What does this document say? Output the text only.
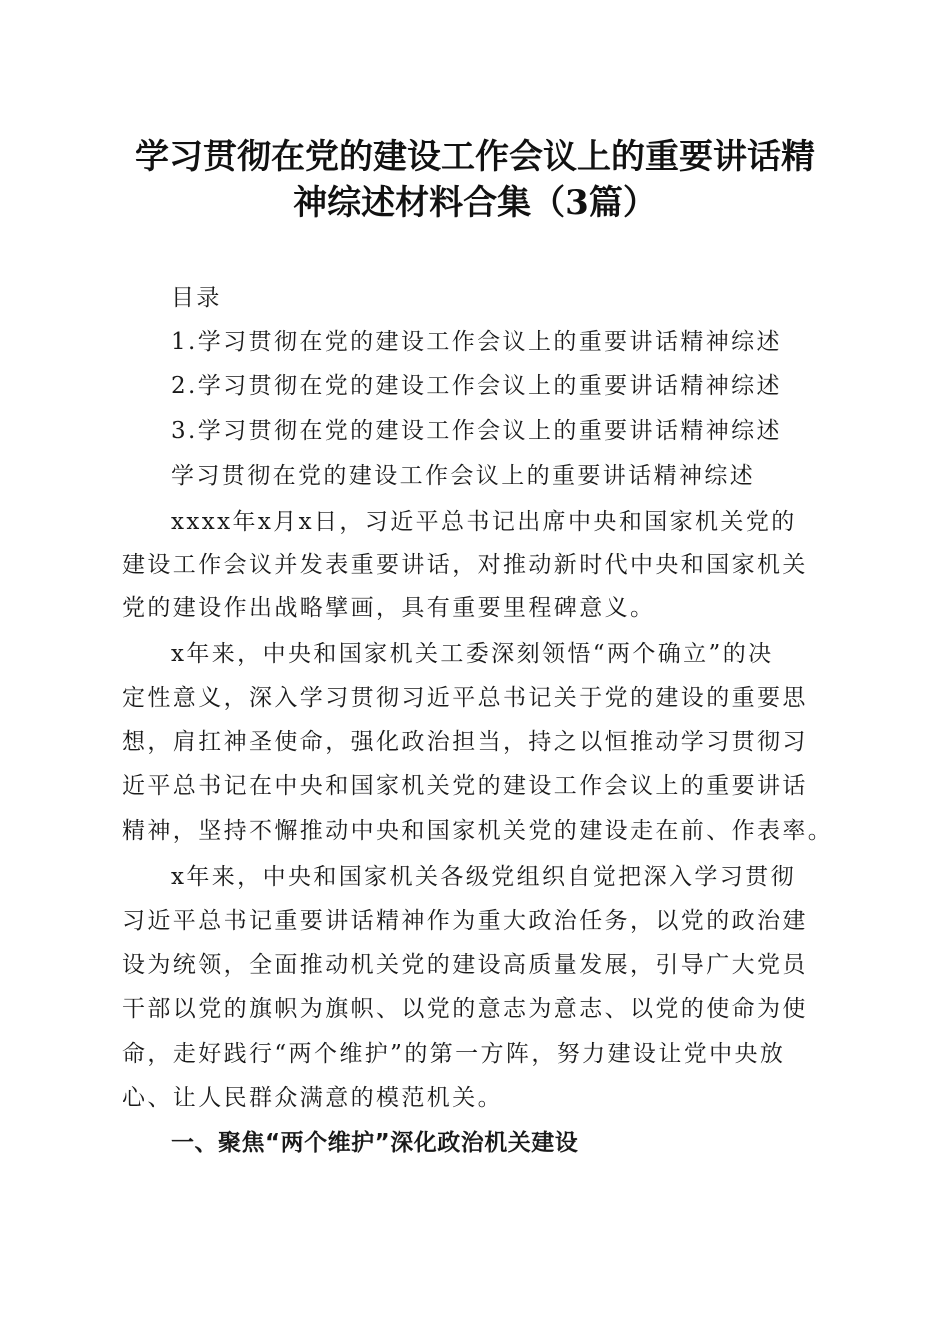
学习贯彻在党的建设工作会议上的重要讲话精
神综述材料合集（3篇）
目录
1.学习贯彻在党的建设工作会议上的重要讲话精神综述
2.学习贯彻在党的建设工作会议上的重要讲话精神综述
3.学习贯彻在党的建设工作会议上的重要讲话精神综述
学习贯彻在党的建设工作会议上的重要讲话精神综述
xxxx年x月x日，习近平总书记出席中央和国家机关党的
建设工作会议并发表重要讲话，对推动新时代中央和国家机关
党的建设作出战略擘画，具有重要里程碑意义。
x年来，中央和国家机关工委深刻领悟“两个确立”的决
定性意义，深入学习贯彻习近平总书记关于党的建设的重要思
想，肩扛神圣使命，强化政治担当，持之以恒推动学习贯彻习
近平总书记在中央和国家机关党的建设工作会议上的重要讲话
精神，坚持不懈推动中央和国家机关党的建设走在前、作表率。
x年来，中央和国家机关各级党组织自觉把深入学习贯彻
习近平总书记重要讲话精神作为重大政治任务，以党的政治建
设为统领，全面推动机关党的建设高质量发展，引导广大党员
干部以党的旗帜为旗帜、以党的意志为意志、以党的使命为使
命，走好践行“两个维护”的第一方阵，努力建设让党中央放
心、让人民群众满意的模范机关。
一、聚焦“两个维护”深化政治机关建设
